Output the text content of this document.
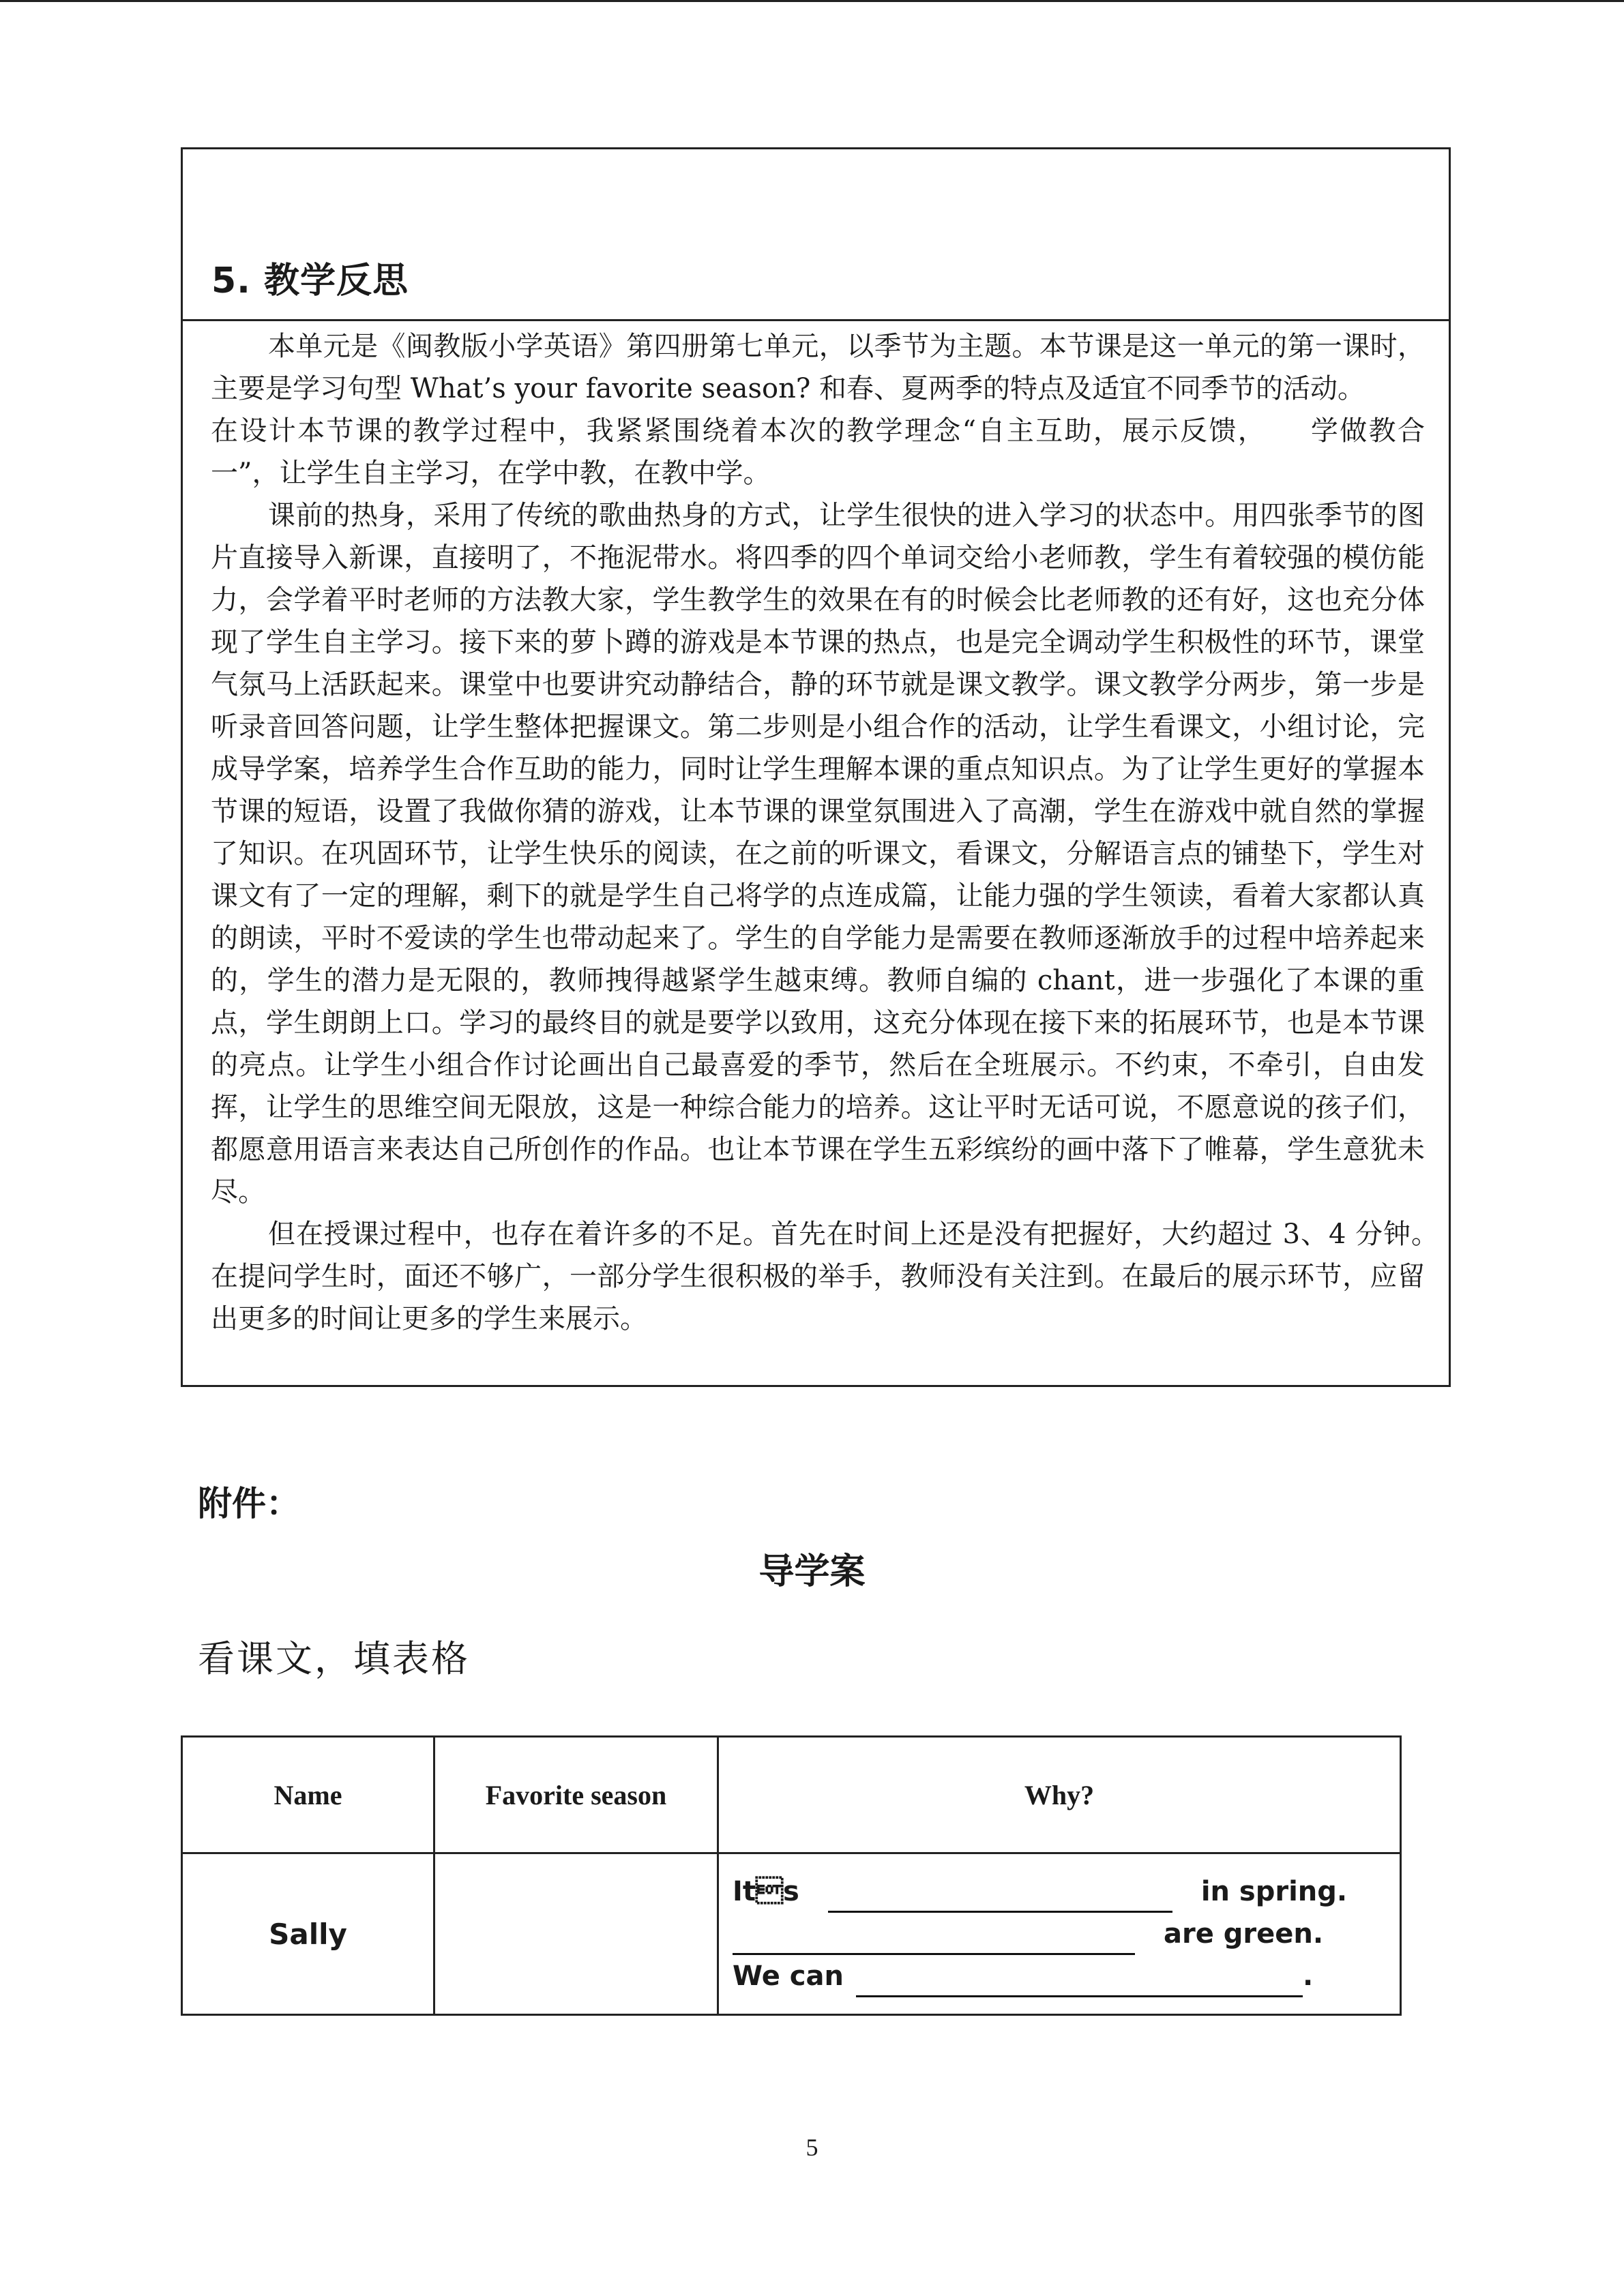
5. 教学反思

本单元是《闽教版小学英语》第四册第七单元，以季节为主题。本节课是这一单元的第一课时，主要是学习句型 What’s your favorite season? 和春、夏两季的特点及适宜不同季节的活动。

在设计本节课的教学过程中，我紧紧围绕着本次的教学理念“自主互助，展示反馈，　　学做教合一”，让学生自主学习，在学中教，在教中学。

课前的热身，采用了传统的歌曲热身的方式，让学生很快的进入学习的状态中。用四张季节的图片直接导入新课，直接明了，不拖泥带水。将四季的四个单词交给小老师教，学生有着较强的模仿能力，会学着平时老师的方法教大家，学生教学生的效果在有的时候会比老师教的还有好，这也充分体现了学生自主学习。接下来的萝卜蹲的游戏是本节课的热点，也是完全调动学生积极性的环节，课堂气氛马上活跃起来。课堂中也要讲究动静结合，静的环节就是课文教学。课文教学分两步，第一步是听录音回答问题，让学生整体把握课文。第二步则是小组合作的活动，让学生看课文，小组讨论，完成导学案，培养学生合作互助的能力，同时让学生理解本课的重点知识点。为了让学生更好的掌握本节课的短语，设置了我做你猜的游戏，让本节课的课堂氛围进入了高潮，学生在游戏中就自然的掌握了知识。在巩固环节，让学生快乐的阅读，在之前的听课文，看课文，分解语言点的铺垫下，学生对课文有了一定的理解，剩下的就是学生自己将学的点连成篇，让能力强的学生领读，看着大家都认真的朗读，平时不爱读的学生也带动起来了。学生的自学能力是需要在教师逐渐放手的过程中培养起来的，学生的潜力是无限的，教师拽得越紧学生越束缚。教师自编的 chant，进一步强化了本课的重点，学生朗朗上口。学习的最终目的就是要学以致用，这充分体现在接下来的拓展环节，也是本节课的亮点。让学生小组合作讨论画出自己最喜爱的季节，然后在全班展示。不约束，不牵引，自由发挥，让学生的思维空间无限放，这是一种综合能力的培养。这让平时无话可说，不愿意说的孩子们，都愿意用语言来表达自己所创作的作品。也让本节课在学生五彩缤纷的画中落下了帷幕，学生意犹未尽。

但在授课过程中，也存在着许多的不足。首先在时间上还是没有把握好，大约超过 3、4 分钟。　在提问学生时，面还不够广，一部分学生很积极的举手，教师没有关注到。在最后的展示环节，应留出更多的时间让更多的学生来展示。

附件：
导学案
看课文，填表格
Name	Favorite season	Why?
Sally		Its in spring.
are green.
We can .
5
